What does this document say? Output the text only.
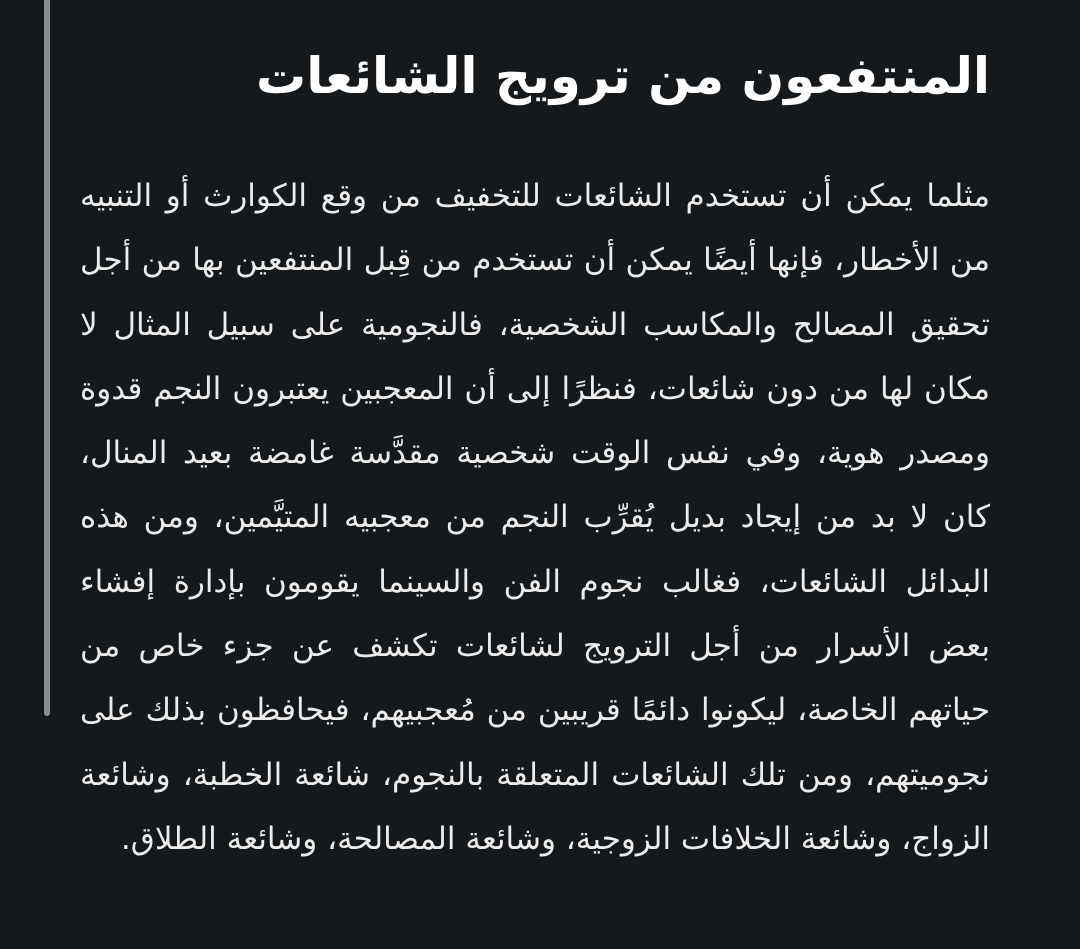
المنتفعون من ترويج الشائعات

مثلما يمكن أن تستخدم الشائعات للتخفيف من وقع الكوارث أو التنبيه من الأخطار، فإنها أيضًا يمكن أن تستخدم من قِبل المنتفعين بها من أجل تحقيق المصالح والمكاسب الشخصية، فالنجومية على سبيل المثال لا مكان لها من دون شائعات، فنظرًا إلى أن المعجبين يعتبرون النجم قدوة ومصدر هوية، وفي نفس الوقت شخصية مقدَّسة غامضة بعيد المنال، كان لا بد من إيجاد بديل يُقرِّب النجم من معجبيه المتيَّمين، ومن هذه البدائل الشائعات، فغالب نجوم الفن والسينما يقومون بإدارة إفشاء بعض الأسرار من أجل الترويج لشائعات تكشف عن جزء خاص من حياتهم الخاصة، ليكونوا دائمًا قريبين من مُعجبيهم، فيحافظون بذلك على نجوميتهم، ومن تلك الشائعات المتعلقة بالنجوم، شائعة الخطبة، وشائعة الزواج، وشائعة الخلافات الزوجية، وشائعة المصالحة، وشائعة الطلاق.
